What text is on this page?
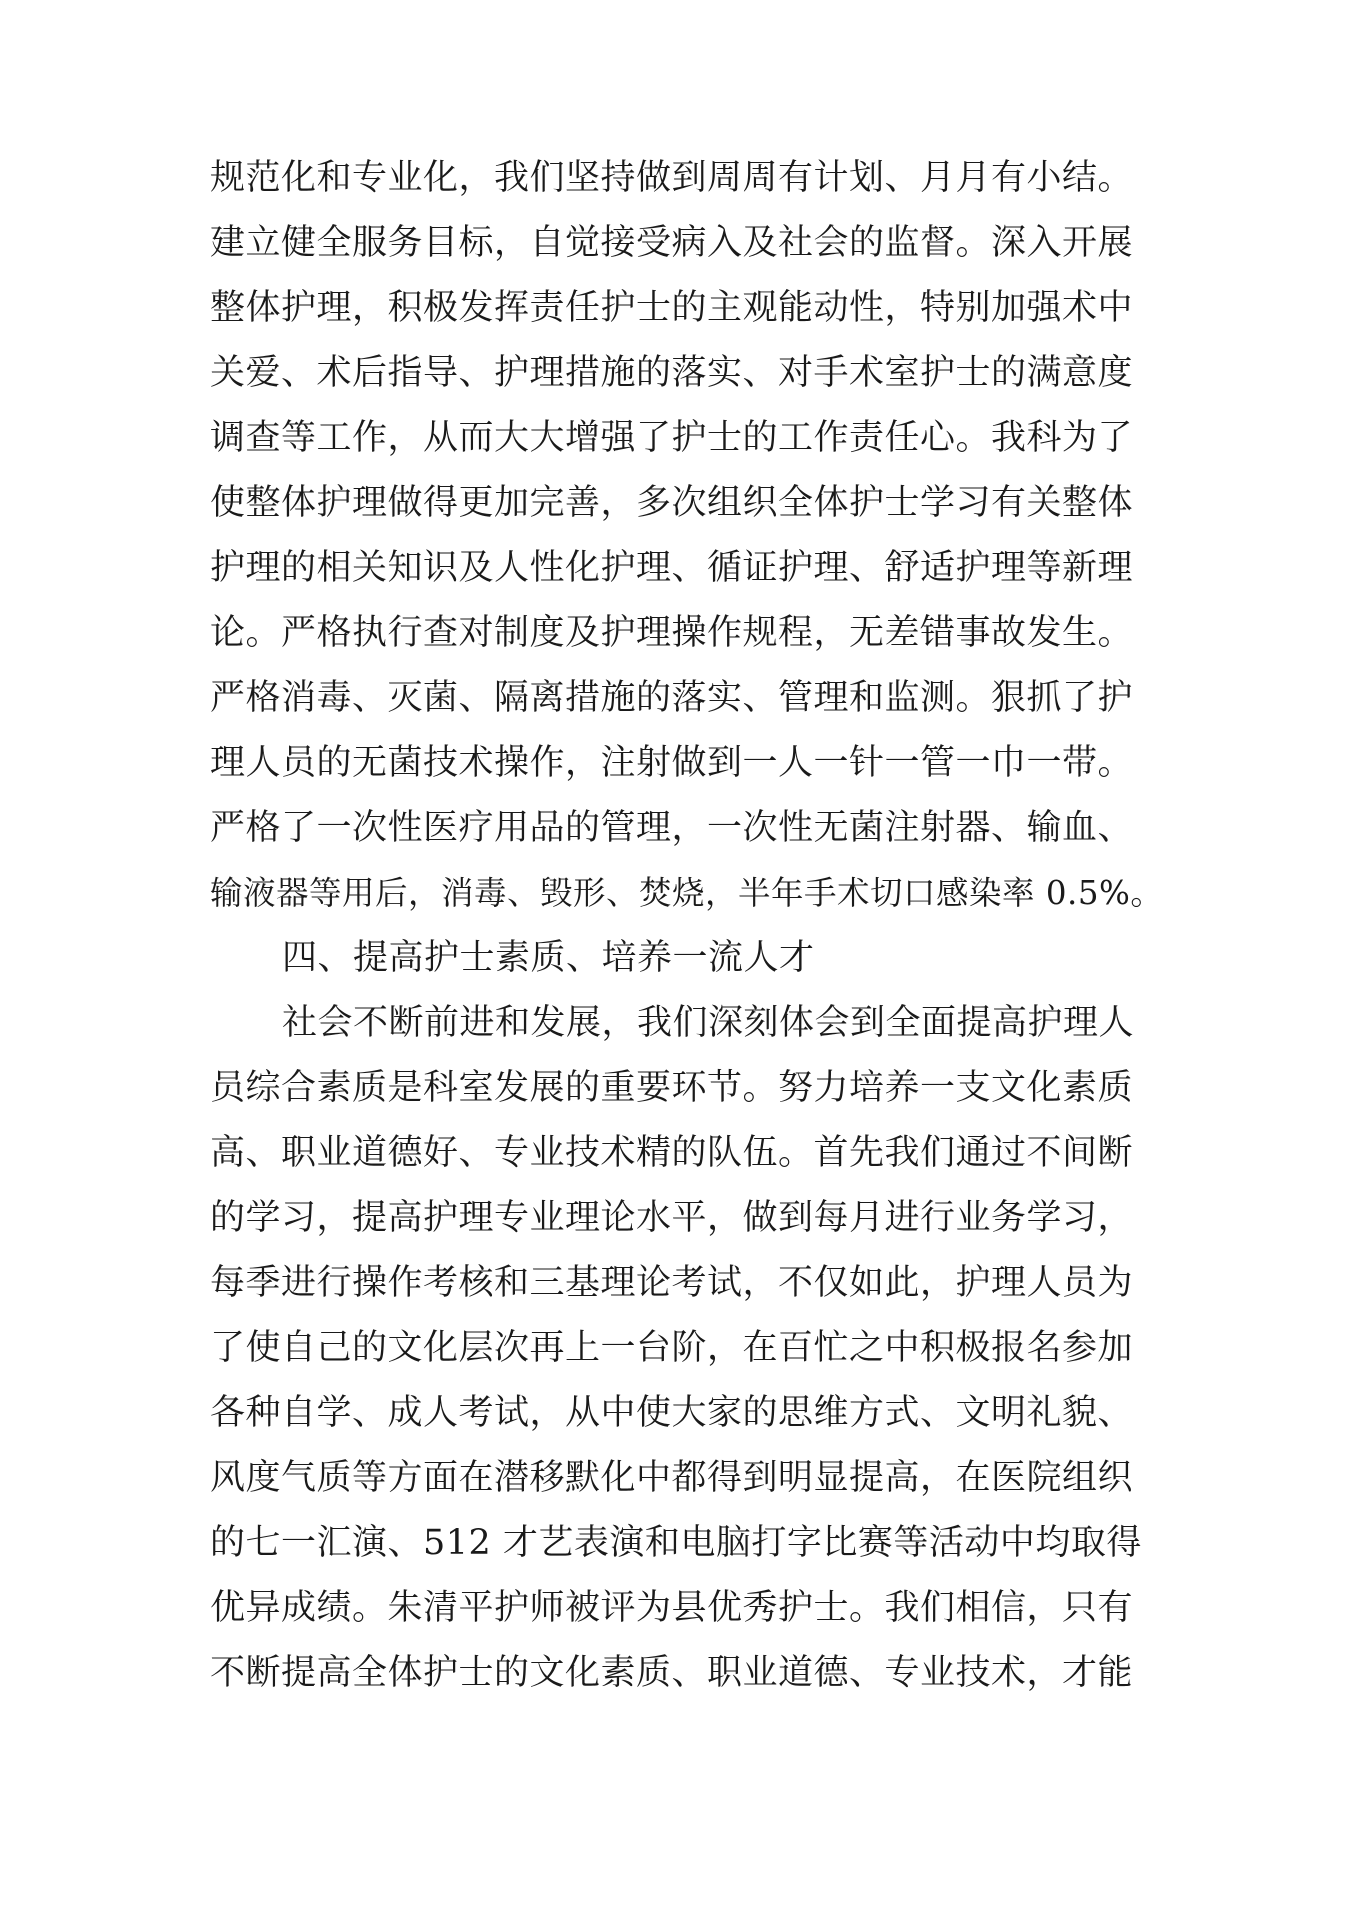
规范化和专业化，我们坚持做到周周有计划、月月有小结。
建立健全服务目标，自觉接受病入及社会的监督。深入开展
整体护理，积极发挥责任护士的主观能动性，特别加强术中
关爱、术后指导、护理措施的落实、对手术室护士的满意度
调查等工作，从而大大增强了护士的工作责任心。我科为了
使整体护理做得更加完善，多次组织全体护士学习有关整体
护理的相关知识及人性化护理、循证护理、舒适护理等新理
论。严格执行查对制度及护理操作规程，无差错事故发生。
严格消毒、灭菌、隔离措施的落实、管理和监测。狠抓了护
理人员的无菌技术操作，注射做到一人一针一管一巾一带。
严格了一次性医疗用品的管理，一次性无菌注射器、输血、
输液器等用后，消毒、毁形、焚烧，半年手术切口感染率 0.5%。
四、提高护士素质、培养一流人才
社会不断前进和发展，我们深刻体会到全面提高护理人
员综合素质是科室发展的重要环节。努力培养一支文化素质
高、职业道德好、专业技术精的队伍。首先我们通过不间断
的学习，提高护理专业理论水平，做到每月进行业务学习，
每季进行操作考核和三基理论考试，不仅如此，护理人员为
了使自己的文化层次再上一台阶，在百忙之中积极报名参加
各种自学、成人考试，从中使大家的思维方式、文明礼貌、
风度气质等方面在潜移默化中都得到明显提高，在医院组织
的七一汇演、512 才艺表演和电脑打字比赛等活动中均取得
优异成绩。朱清平护师被评为县优秀护士。我们相信，只有
不断提高全体护士的文化素质、职业道德、专业技术，才能
